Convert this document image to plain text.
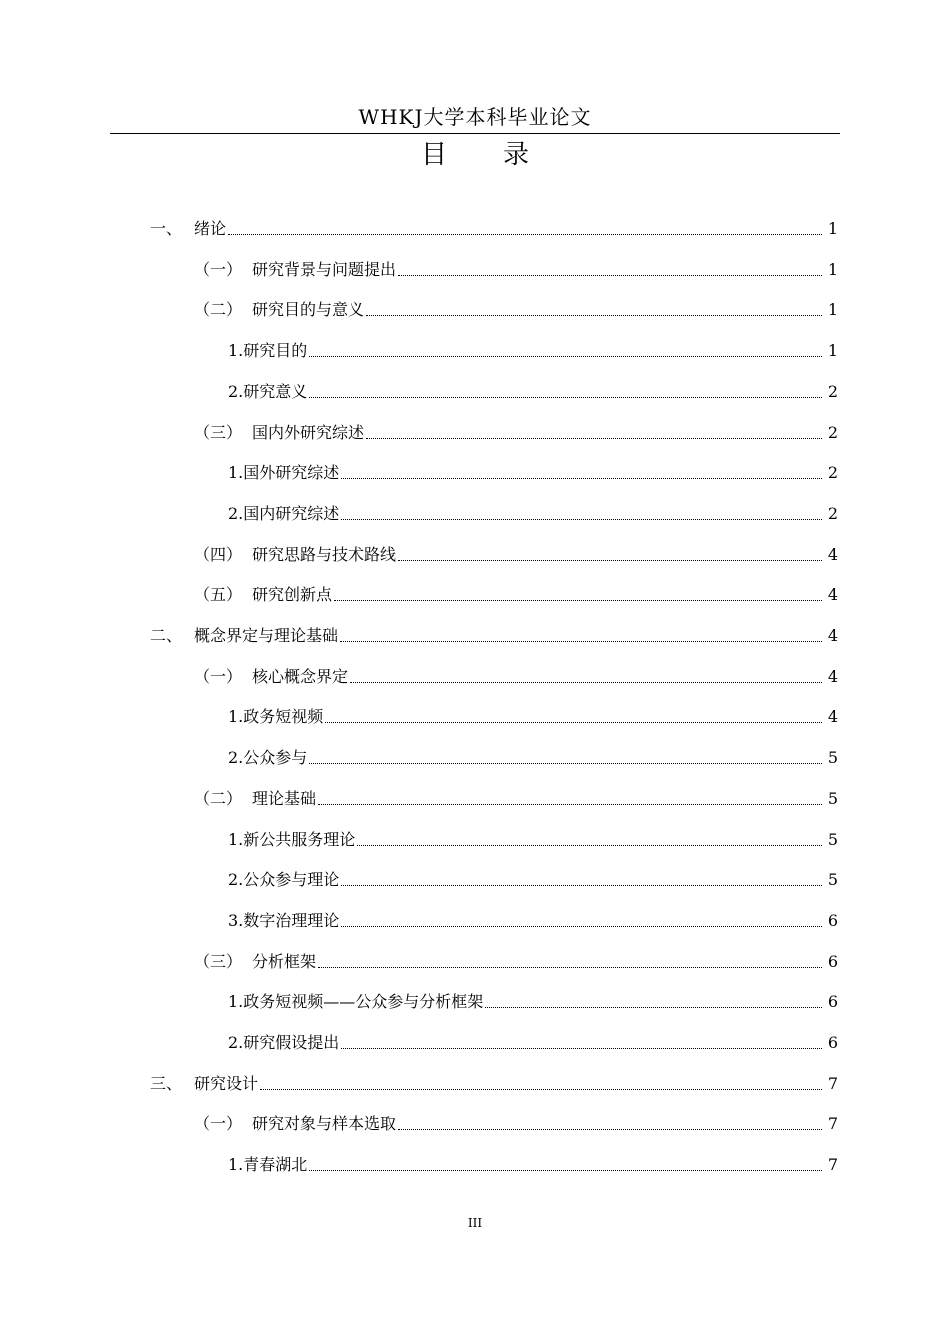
WHKJ大学本科毕业论文
目 录
一、 绪论	1
（一） 研究背景与问题提出	1
（二） 研究目的与意义	1
1.研究目的	1
2.研究意义	2
（三） 国内外研究综述	2
1.国外研究综述	2
2.国内研究综述	2
（四） 研究思路与技术路线	4
（五） 研究创新点	4
二、 概念界定与理论基础	4
（一） 核心概念界定	4
1.政务短视频	4
2.公众参与	5
（二） 理论基础	5
1.新公共服务理论	5
2.公众参与理论	5
3.数字治理理论	6
（三） 分析框架	6
1.政务短视频——公众参与分析框架	6
2.研究假设提出	6
三、 研究设计	7
（一） 研究对象与样本选取	7
1.青春湖北	7
III
